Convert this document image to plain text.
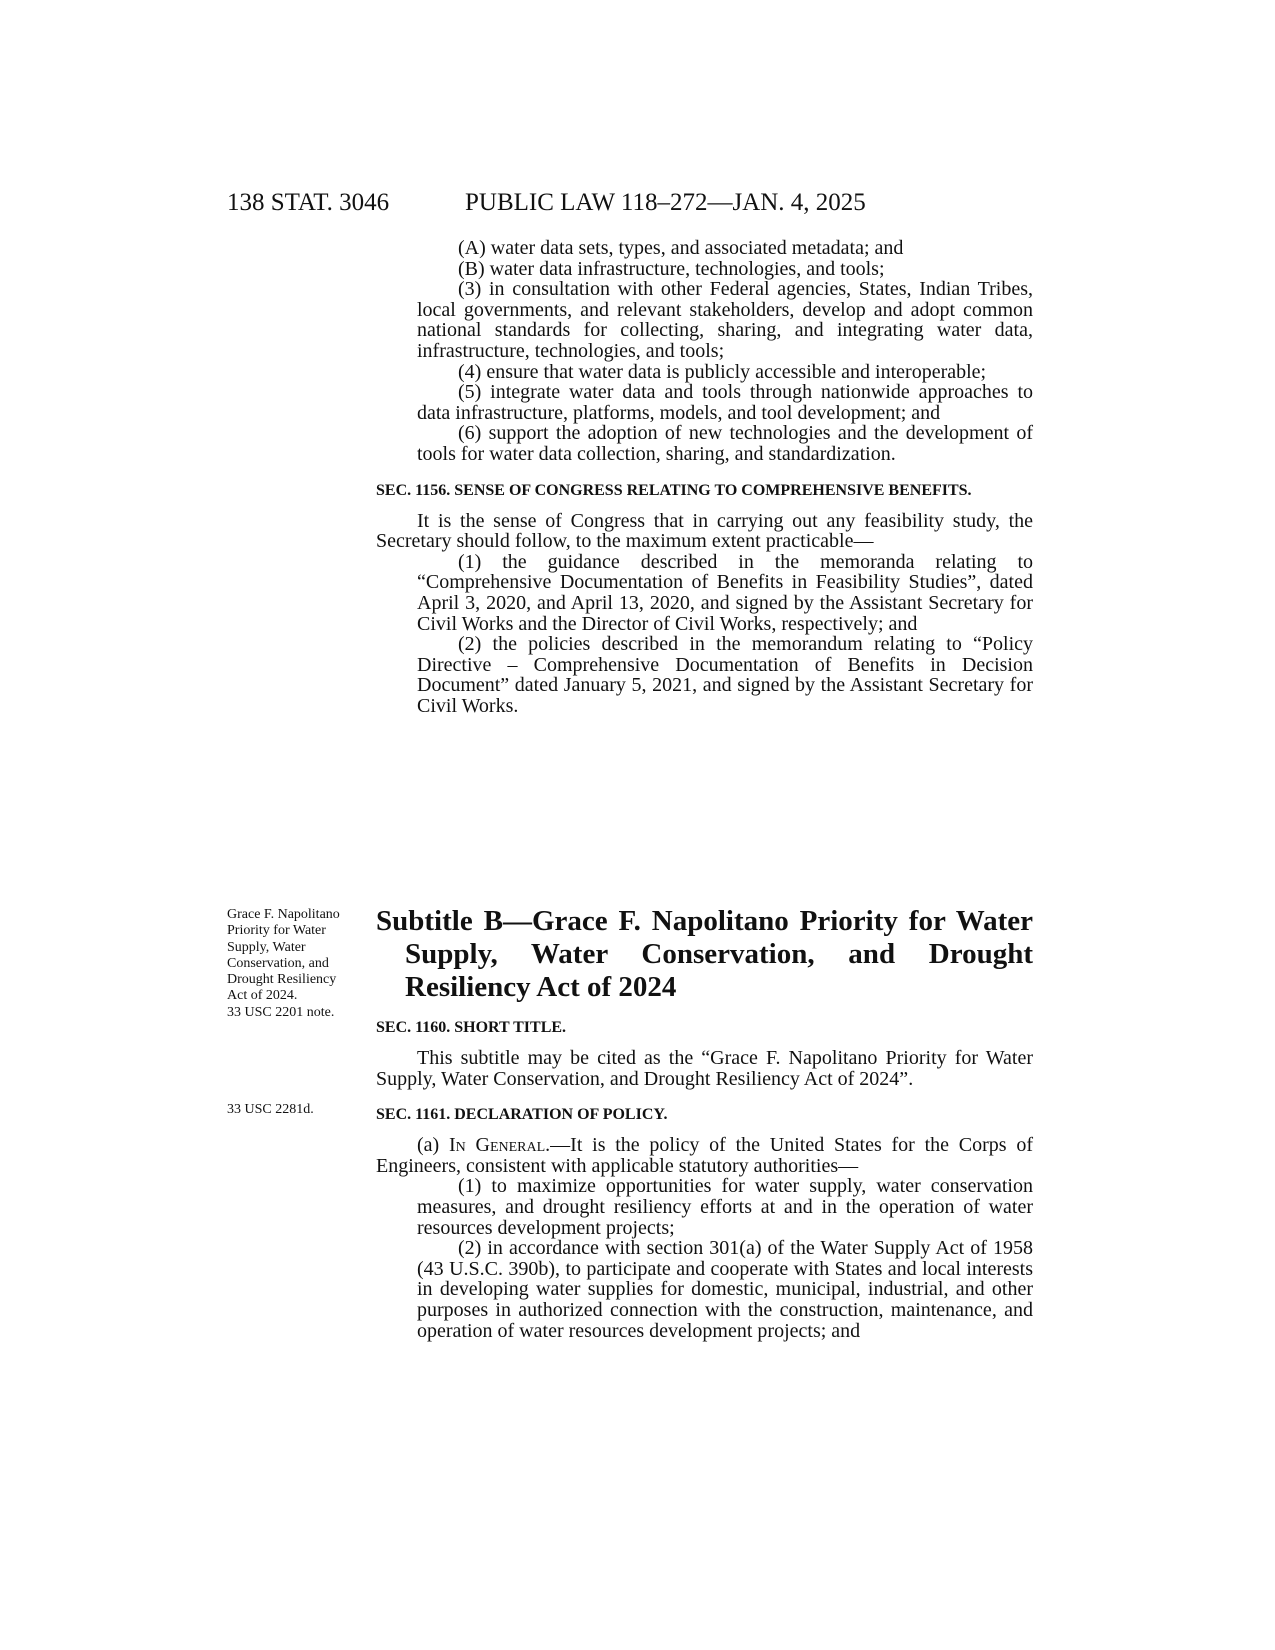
138 STAT. 3046	PUBLIC LAW 118–272—JAN. 4, 2025

(A) water data sets, types, and associated metadata; and

(B) water data infrastructure, technologies, and tools;

(3) in consultation with other Federal agencies, States, Indian Tribes, local governments, and relevant stakeholders, develop and adopt common national standards for collecting, sharing, and integrating water data, infrastructure, technologies, and tools;

(4) ensure that water data is publicly accessible and interoperable;

(5) integrate water data and tools through nationwide approaches to data infrastructure, platforms, models, and tool development; and

(6) support the adoption of new technologies and the development of tools for water data collection, sharing, and standardization.

SEC. 1156. SENSE OF CONGRESS RELATING TO COMPREHENSIVE BENEFITS.

It is the sense of Congress that in carrying out any feasibility study, the Secretary should follow, to the maximum extent practicable—

(1) the guidance described in the memoranda relating to “Comprehensive Documentation of Benefits in Feasibility Studies”, dated April 3, 2020, and April 13, 2020, and signed by the Assistant Secretary for Civil Works and the Director of Civil Works, respectively; and

(2) the policies described in the memorandum relating to “Policy Directive – Comprehensive Documentation of Benefits in Decision Document” dated January 5, 2021, and signed by the Assistant Secretary for Civil Works.

Subtitle B—Grace F. Napolitano Priority for Water Supply, Water Conservation, and Drought Resiliency Act of 2024

SEC. 1160. SHORT TITLE.

This subtitle may be cited as the “Grace F. Napolitano Priority for Water Supply, Water Conservation, and Drought Resiliency Act of 2024”.

SEC. 1161. DECLARATION OF POLICY.

(a) In General.—It is the policy of the United States for the Corps of Engineers, consistent with applicable statutory authorities—

(1) to maximize opportunities for water supply, water conservation measures, and drought resiliency efforts at and in the operation of water resources development projects;

(2) in accordance with section 301(a) of the Water Supply Act of 1958 (43 U.S.C. 390b), to participate and cooperate with States and local interests in developing water supplies for domestic, municipal, industrial, and other purposes in authorized connection with the construction, maintenance, and operation of water resources development projects; and

Grace F. Napolitano Priority for Water Supply, Water Conservation, and Drought Resiliency Act of 2024.
33 USC 2201 note.
33 USC 2281d.
